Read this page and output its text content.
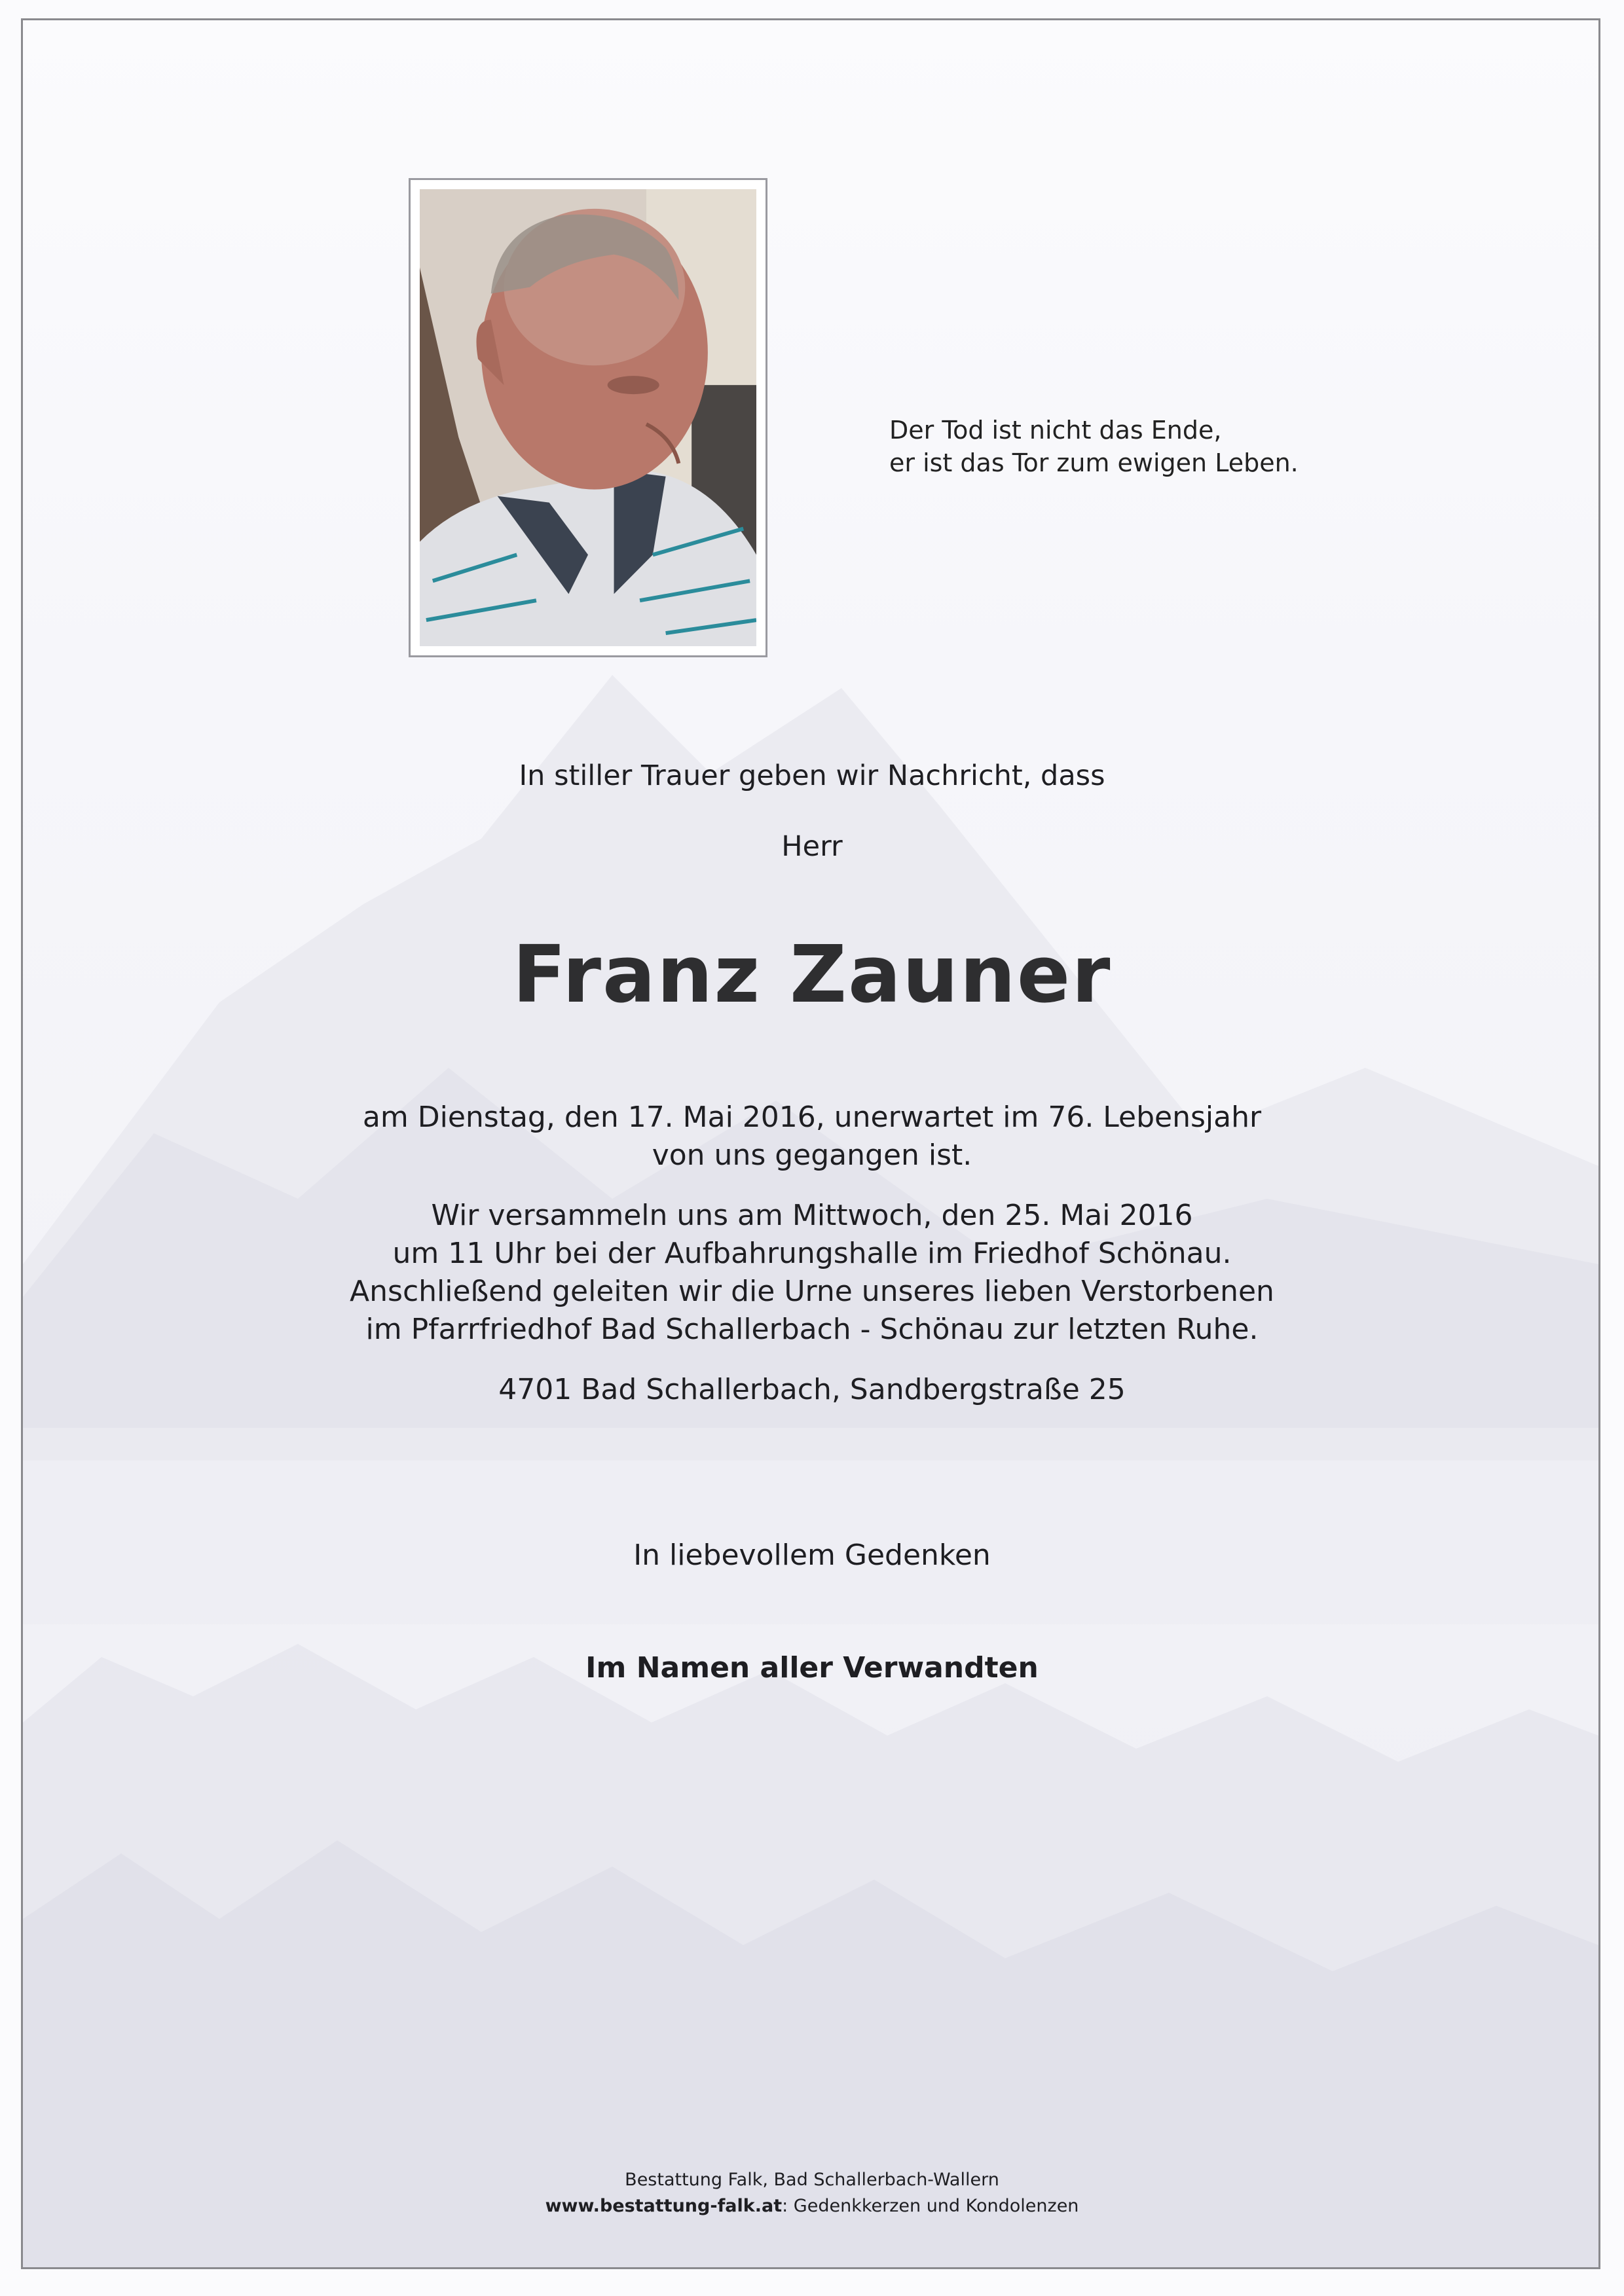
Der Tod ist nicht das Ende,
er ist das Tor zum ewigen Leben.
In stiller Trauer geben wir Nachricht, dass
Herr
Franz Zauner
am Dienstag, den 17. Mai 2016, unerwartet im 76. Lebensjahr
von uns gegangen ist.
Wir versammeln uns am Mittwoch, den 25. Mai 2016
um 11 Uhr bei der Aufbahrungshalle im Friedhof Schönau.
Anschließend geleiten wir die Urne unseres lieben Verstorbenen
im Pfarrfriedhof Bad Schallerbach - Schönau zur letzten Ruhe.
4701 Bad Schallerbach, Sandbergstraße 25
In liebevollem Gedenken
Im Namen aller Verwandten
Bestattung Falk, Bad Schallerbach-Wallern
www.bestattung-falk.at: Gedenkkerzen und Kondolenzen
